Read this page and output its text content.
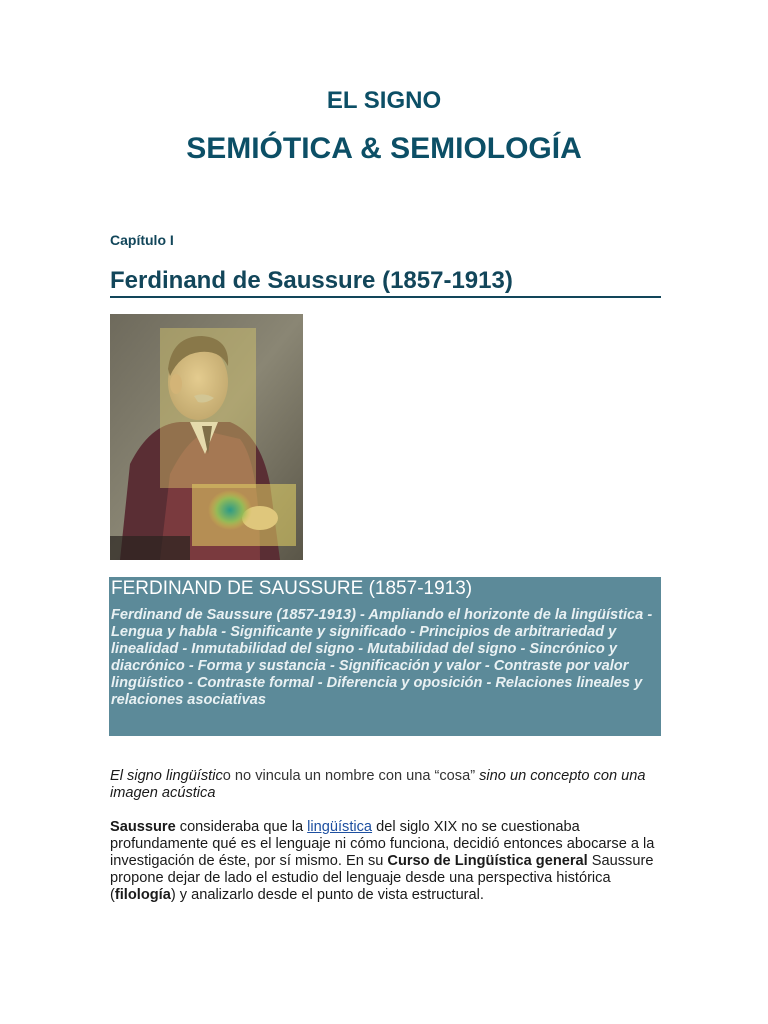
EL SIGNO
SEMIÓTICA & SEMIOLOGÍA
Capítulo I
Ferdinand de Saussure (1857-1913)
FERDINAND DE SAUSSURE (1857-1913)
Ferdinand de Saussure (1857-1913) - Ampliando el horizonte de la lingüística - Lengua y habla - Significante y significado - Principios de arbitrariedad y linealidad - Inmutabilidad del signo - Mutabilidad del signo - Sincrónico y diacrónico - Forma y sustancia - Significación y valor - Contraste por valor lingüístico - Contraste formal - Diferencia y oposición - Relaciones lineales y relaciones asociativas
El signo lingüístico no vincula un nombre con una “cosa” sino un concepto con una imagen acústica
Saussure consideraba que la lingüística del siglo XIX no se cuestionaba profundamente qué es el lenguaje ni cómo funciona, decidió entonces abocarse a la investigación de éste, por sí mismo. En su Curso de Lingüística general Saussure propone dejar de lado el estudio del lenguaje desde una perspectiva histórica (filología) y analizarlo desde el punto de vista estructural.
